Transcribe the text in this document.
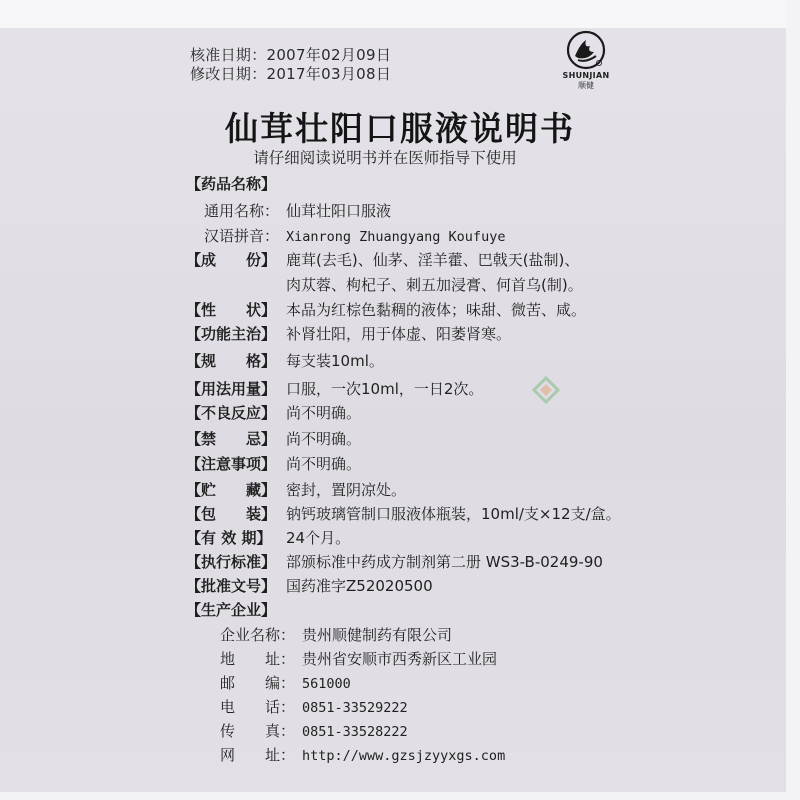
核准日期：2007年02月09日
修改日期：2017年03月08日	SHUNJIAN
顺健
仙茸壮阳口服液说明书
请仔细阅读说明书并在医师指导下使用
【药品名称】
通用名称： 仙茸壮阳口服液
汉语拼音： Xianrong Zhuangyang Koufuye
【成　　份】 鹿茸(去毛)、仙茅、淫羊藿、巴戟天(盐制)、
肉苁蓉、枸杞子、刺五加浸膏、何首乌(制)。
【性　　状】 本品为红棕色黏稠的液体；味甜、微苦、咸。
【功能主治】 补肾壮阳，用于体虚、阳萎肾寒。
【规　　格】 每支装10ml。
【用法用量】 口服，一次10ml，一日2次。
【不良反应】 尚不明确。
【禁　　忌】 尚不明确。
【注意事项】 尚不明确。
【贮　　藏】 密封，置阴凉处。
【包　　装】 钠钙玻璃管制口服液体瓶装，10ml/支×12支/盒。
【有 效 期】 24个月。
【执行标准】 部颁标准中药成方制剂第二册 WS3-B-0249-90
【批准文号】 国药准字Z52020500
【生产企业】
企业名称： 贵州顺健制药有限公司
地　　址： 贵州省安顺市西秀新区工业园
邮　　编： 561000
电　　话： 0851-33529222
传　　真： 0851-33528222
网　　址： http://www.gzsjzyyxgs.com
